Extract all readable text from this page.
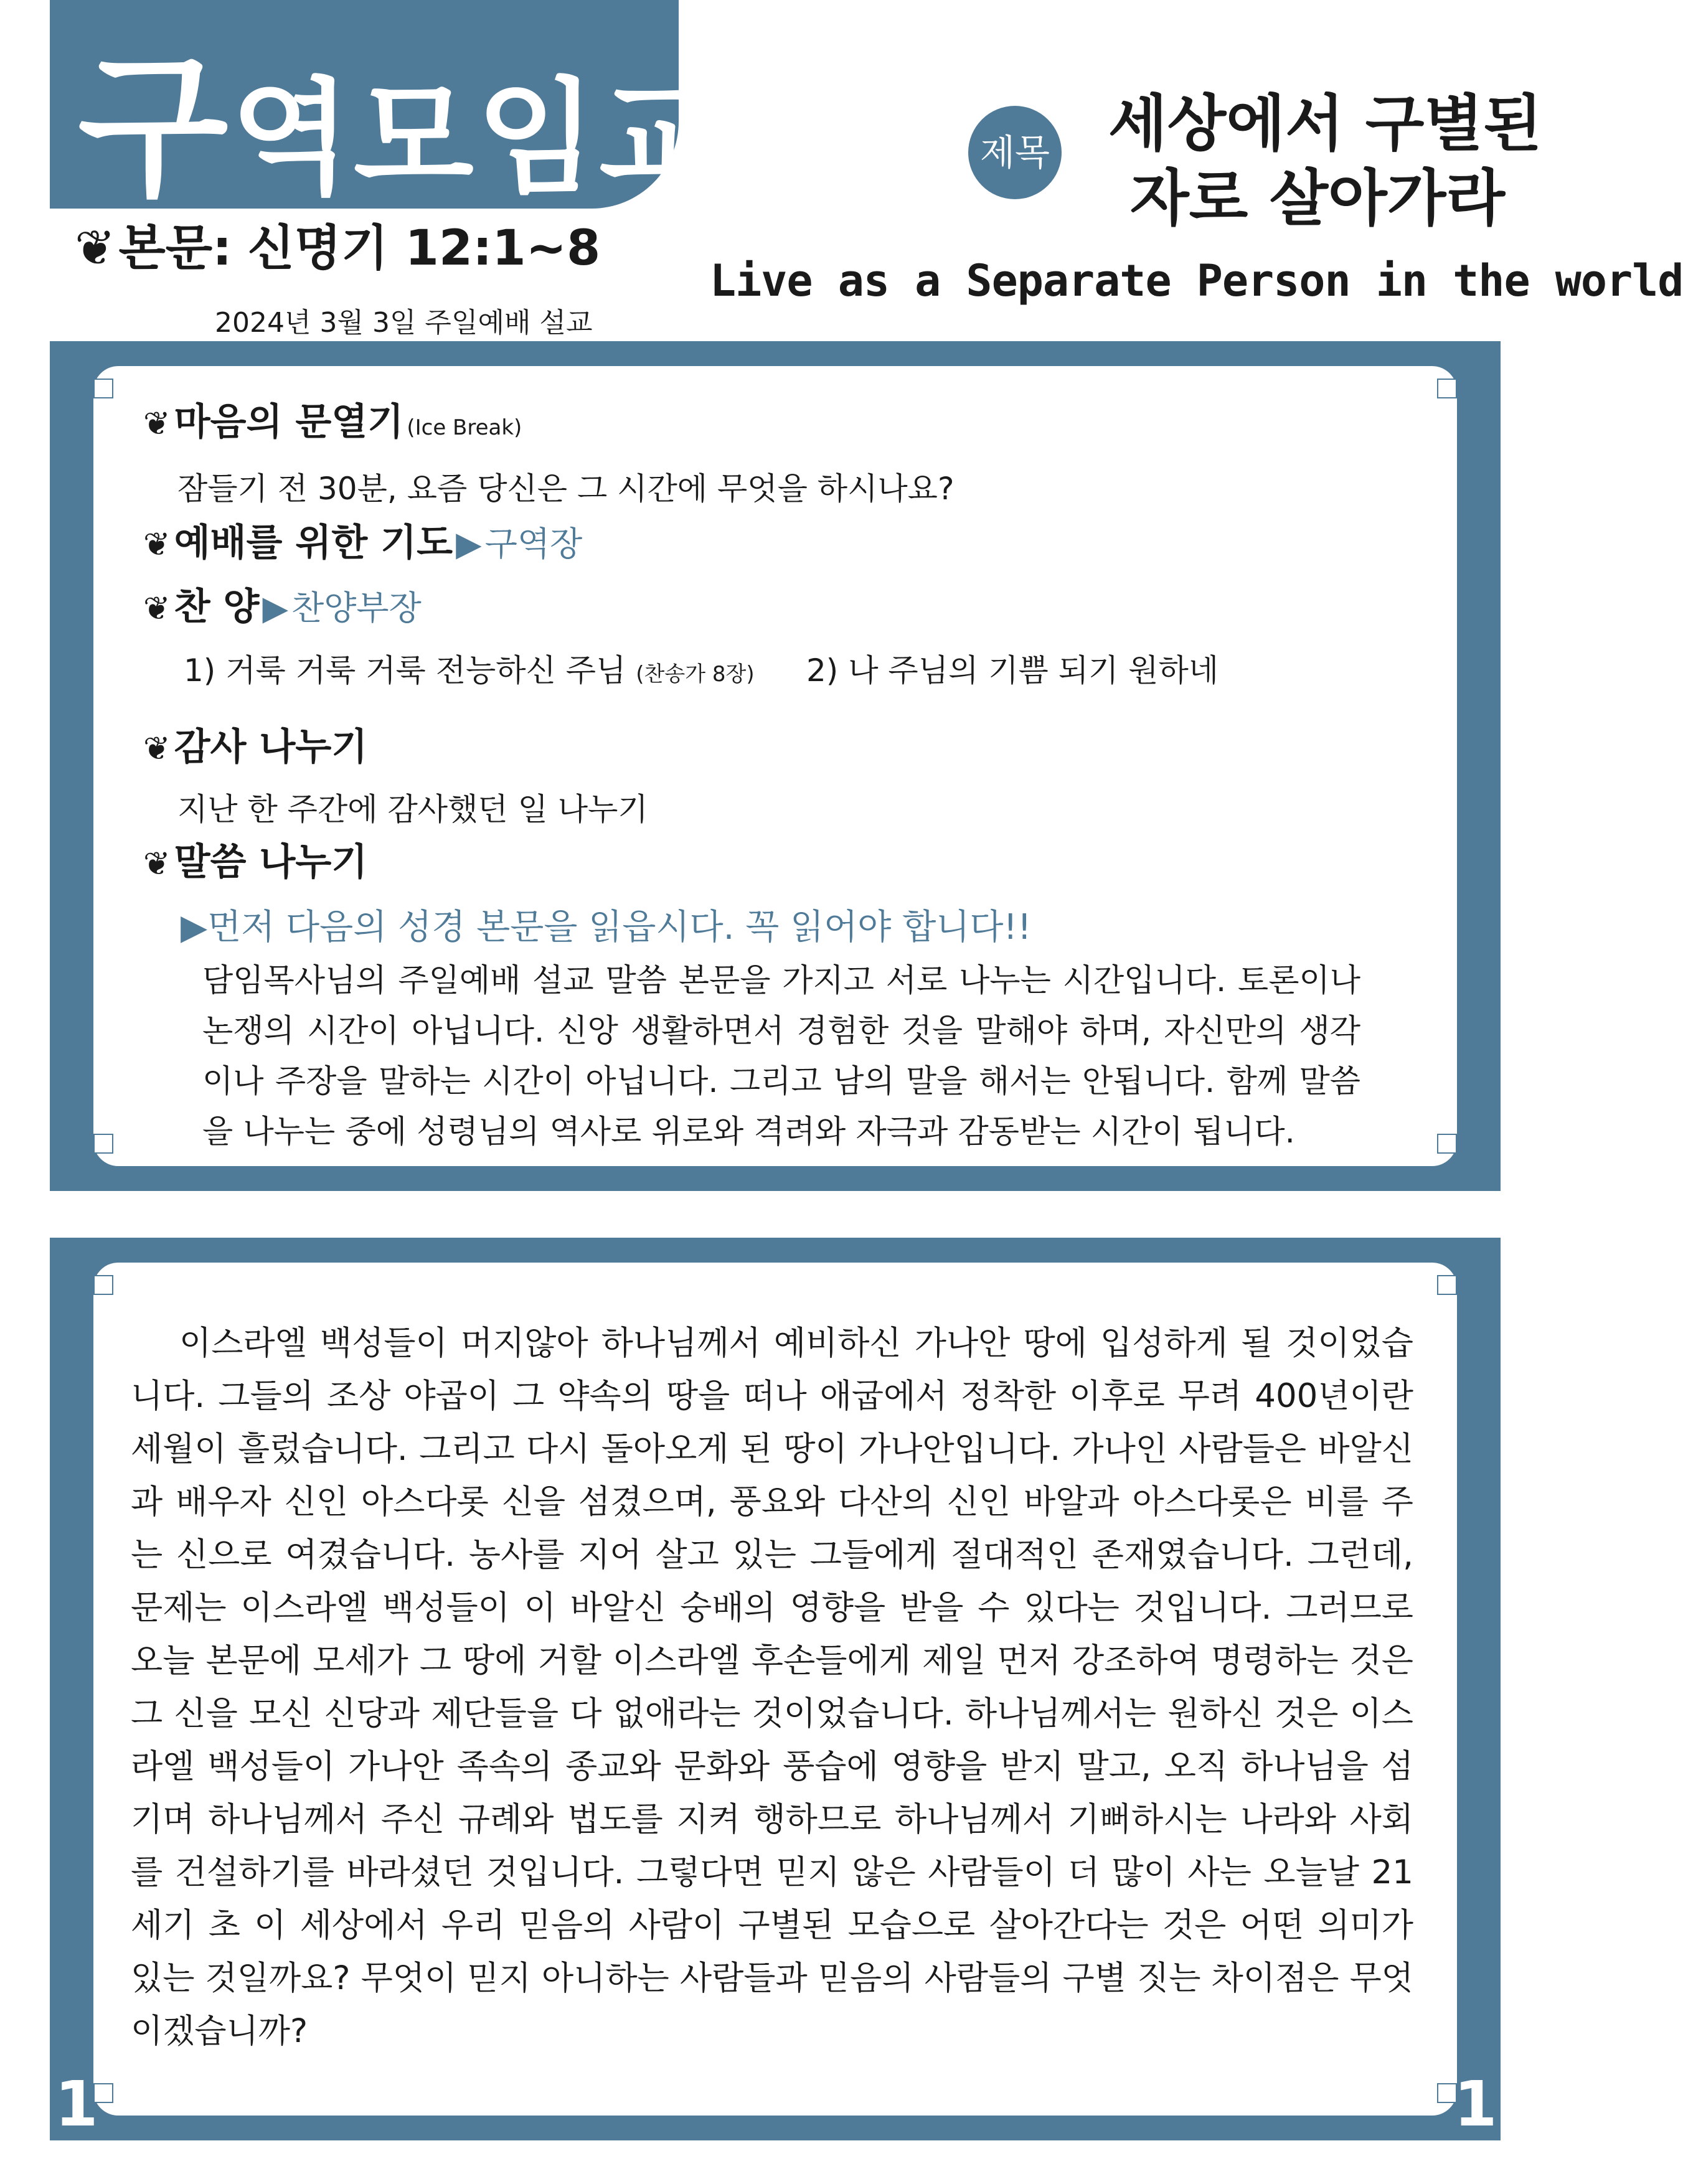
구역모임교재
❦ 본문: 신명기 12:1~8
2024년 3월 3일 주일예배 설교
제목 세상에서 구별된
자로 살아가라
Live as a Separate Person in the world
❦ 마음의 문열기 (Ice Break)
잠들기 전 30분, 요즘 당신은 그 시간에 무엇을 하시나요?
❦ 예배를 위한 기도 ▶ 구역장
❦ 찬 양 ▶ 찬양부장
1) 거룩 거룩 거룩 전능하신 주님 (찬송가 8장) 2) 나 주님의 기쁨 되기 원하네
❦ 감사 나누기
지난 한 주간에 감사했던 일 나누기
❦ 말씀 나누기
▶먼저 다음의 성경 본문을 읽읍시다. 꼭 읽어야 합니다!!
담임목사님의 주일예배 설교 말씀 본문을 가지고 서로 나누는 시간입니다. 토론이나 논쟁의 시간이 아닙니다. 신앙 생활하면서 경험한 것을 말해야 하며, 자신만의 생각이나 주장을 말하는 시간이 아닙니다. 그리고 남의 말을 해서는 안됩니다. 함께 말씀을 나누는 중에 성령님의 역사로 위로와 격려와 자극과 감동받는 시간이 됩니다.
이스라엘 백성들이 머지않아 하나님께서 예비하신 가나안 땅에 입성하게 될 것이었습니다. 그들의 조상 야곱이 그 약속의 땅을 떠나 애굽에서 정착한 이후로 무려 400년이란 세월이 흘렀습니다. 그리고 다시 돌아오게 된 땅이 가나안입니다. 가나인 사람들은 바알신과 배우자 신인 아스다롯 신을 섬겼으며, 풍요와 다산의 신인 바알과 아스다롯은 비를 주는 신으로 여겼습니다. 농사를 지어 살고 있는 그들에게 절대적인 존재였습니다. 그런데, 문제는 이스라엘 백성들이 이 바알신 숭배의 영향을 받을 수 있다는 것입니다. 그러므로 오늘 본문에 모세가 그 땅에 거할 이스라엘 후손들에게 제일 먼저 강조하여 명령하는 것은 그 신을 모신 신당과 제단들을 다 없애라는 것이었습니다. 하나님께서는 원하신 것은 이스라엘 백성들이 가나안 족속의 종교와 문화와 풍습에 영향을 받지 말고, 오직 하나님을 섬기며 하나님께서 주신 규례와 법도를 지켜 행하므로 하나님께서 기뻐하시는 나라와 사회를 건설하기를 바라셨던 것입니다. 그렇다면 믿지 않은 사람들이 더 많이 사는 오늘날 21세기 초 이 세상에서 우리 믿음의 사람이 구별된 모습으로 살아간다는 것은 어떤 의미가 있는 것일까요? 무엇이 믿지 아니하는 사람들과 믿음의 사람들의 구별 짓는 차이점은 무엇이겠습니까?
1	1
